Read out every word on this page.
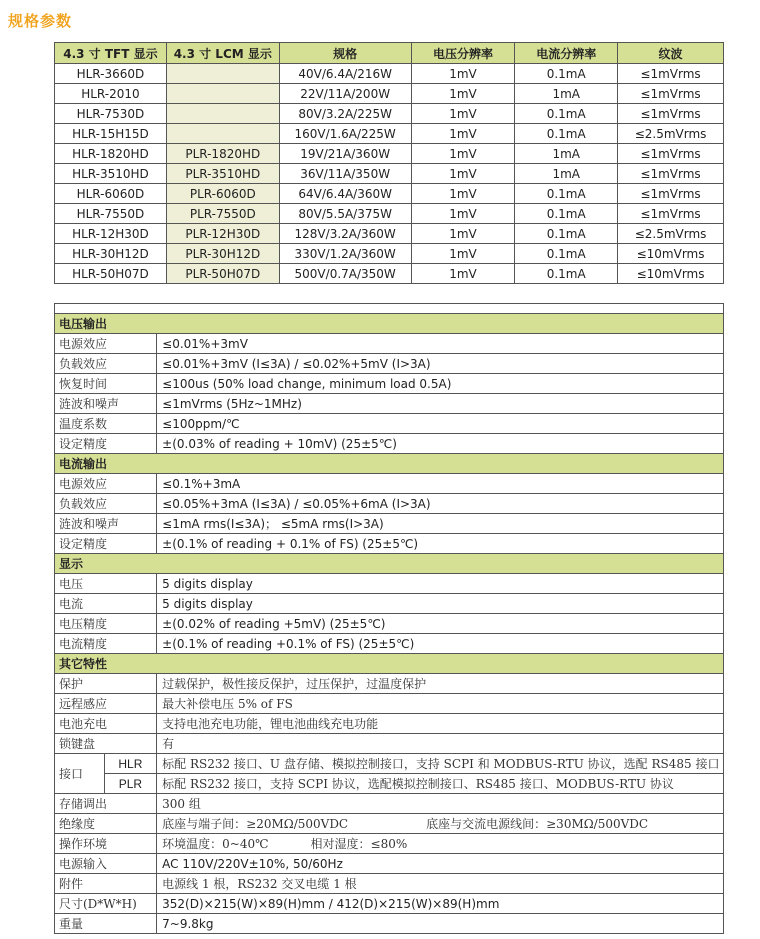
规格参数
4.3 寸 TFT 显示	4.3 寸 LCM 显示	规格	电压分辨率	电流分辨率	纹波
HLR-3660D		40V/6.4A/216W	1mV	0.1mA	≤1mVrms
HLR-2010		22V/11A/200W	1mV	1mA	≤1mVrms
HLR-7530D		80V/3.2A/225W	1mV	0.1mA	≤1mVrms
HLR-15H15D		160V/1.6A/225W	1mV	0.1mA	≤2.5mVrms
HLR-1820HD	PLR-1820HD	19V/21A/360W	1mV	1mA	≤1mVrms
HLR-3510HD	PLR-3510HD	36V/11A/350W	1mV	1mA	≤1mVrms
HLR-6060D	PLR-6060D	64V/6.4A/360W	1mV	0.1mA	≤1mVrms
HLR-7550D	PLR-7550D	80V/5.5A/375W	1mV	0.1mA	≤1mVrms
HLR-12H30D	PLR-12H30D	128V/3.2A/360W	1mV	0.1mA	≤2.5mVrms
HLR-30H12D	PLR-30H12D	330V/1.2A/360W	1mV	0.1mA	≤10mVrms
HLR-50H07D	PLR-50H07D	500V/0.7A/350W	1mV	0.1mA	≤10mVrms

电压输出		
电源效应		≤0.01%+3mV
负载效应		≤0.01%+3mV (I≤3A) / ≤0.02%+5mV (I>3A)
恢复时间		≤100us (50% load change, minimum load 0.5A)
涟波和噪声		≤1mVrms (5Hz~1MHz)
温度系数		≤100ppm/℃
设定精度		±(0.03% of reading + 10mV) (25±5℃)
电流输出		
电源效应		≤0.1%+3mA
负载效应		≤0.05%+3mA (I≤3A) / ≤0.05%+6mA (I>3A)
涟波和噪声		≤1mA rms(I≤3A)； ≤5mA rms(I>3A)
设定精度		±(0.1% of reading + 0.1% of FS) (25±5℃)
显示		
电压		5 digits display
电流		5 digits display
电压精度		±(0.02% of reading +5mV) (25±5℃)
电流精度		±(0.1% of reading +0.1% of FS) (25±5℃)
其它特性		
保护		过载保护，极性接反保护，过压保护，过温度保护
远程感应		最大补偿电压 5% of FS
电池充电		支持电池充电功能，锂电池曲线充电功能
锁键盘		有
接口	HLR	标配 RS232 接口、U 盘存储、模拟控制接口，支持 SCPI 和 MODBUS-RTU 协议，选配 RS485 接口
	PLR	标配 RS232 接口，支持 SCPI 协议，选配模拟控制接口、RS485 接口、MODBUS-RTU 协议
存储调出		300 组
绝缘度		底座与端子间：≥20MΩ/500VDC 底座与交流电源线间：≥30MΩ/500VDC
操作环境		环境温度：0~40℃ 相对湿度：≤80%
电源输入		AC 110V/220V±10%, 50/60Hz
附件		电源线 1 根，RS232 交叉电缆 1 根
尺寸(D*W*H)		352(D)×215(W)×89(H)mm / 412(D)×215(W)×89(H)mm
重量		7~9.8kg
